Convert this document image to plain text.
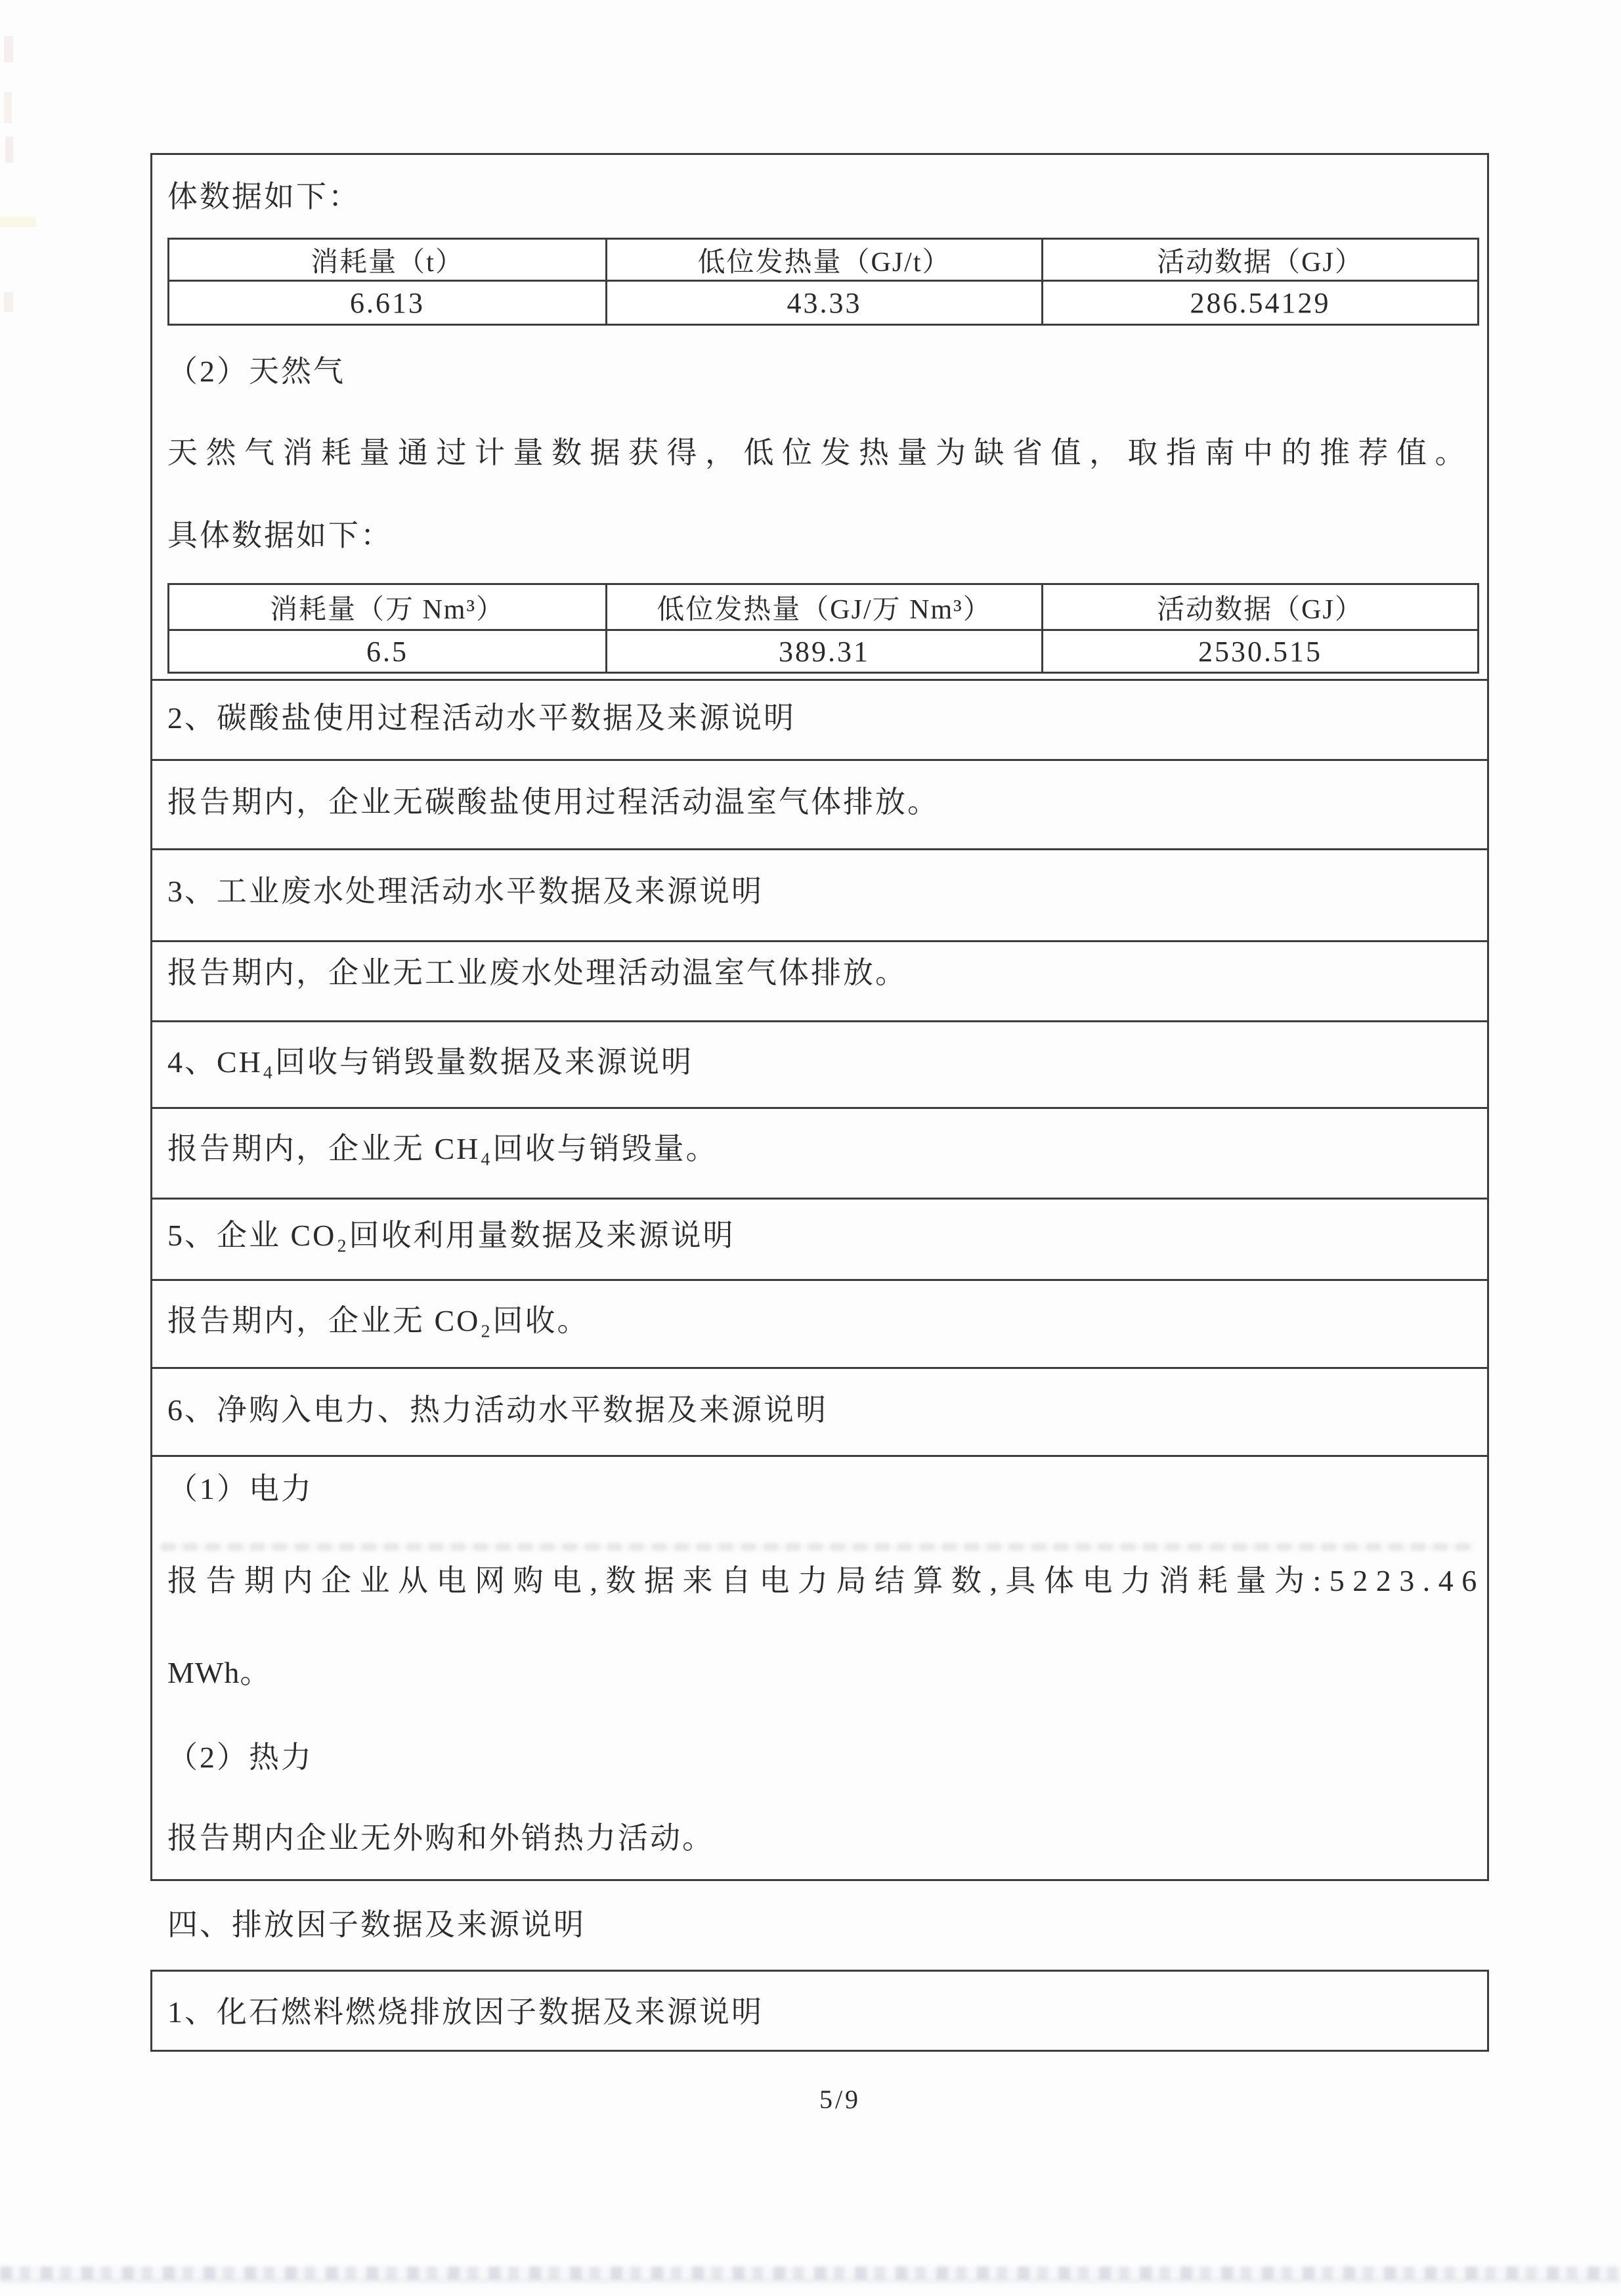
体数据如下：
消耗量（t）	低位发热量（GJ/t）	活动数据（GJ）
6.613	43.33	286.54129
（2）天然气
天然气消耗量通过计量数据获得，低位发热量为缺省值，取指南中的推荐值。
具体数据如下：
消耗量（万 Nm³）	低位发热量（GJ/万 Nm³）	活动数据（GJ）
6.5	389.31	2530.515
2、碳酸盐使用过程活动水平数据及来源说明
报告期内，企业无碳酸盐使用过程活动温室气体排放。
3、工业废水处理活动水平数据及来源说明
报告期内，企业无工业废水处理活动温室气体排放。
4、CH₄回收与销毁量数据及来源说明
报告期内，企业无 CH₄回收与销毁量。
5、企业 CO₂回收利用量数据及来源说明
报告期内，企业无 CO₂回收。
6、净购入电力、热力活动水平数据及来源说明
（1）电力
报告期内企业从电网购电,数据来自电力局结算数,具体电力消耗量为:5223.46
MWh。
（2）热力
报告期内企业无外购和外销热力活动。
四、排放因子数据及来源说明
1、化石燃料燃烧排放因子数据及来源说明
5/9
